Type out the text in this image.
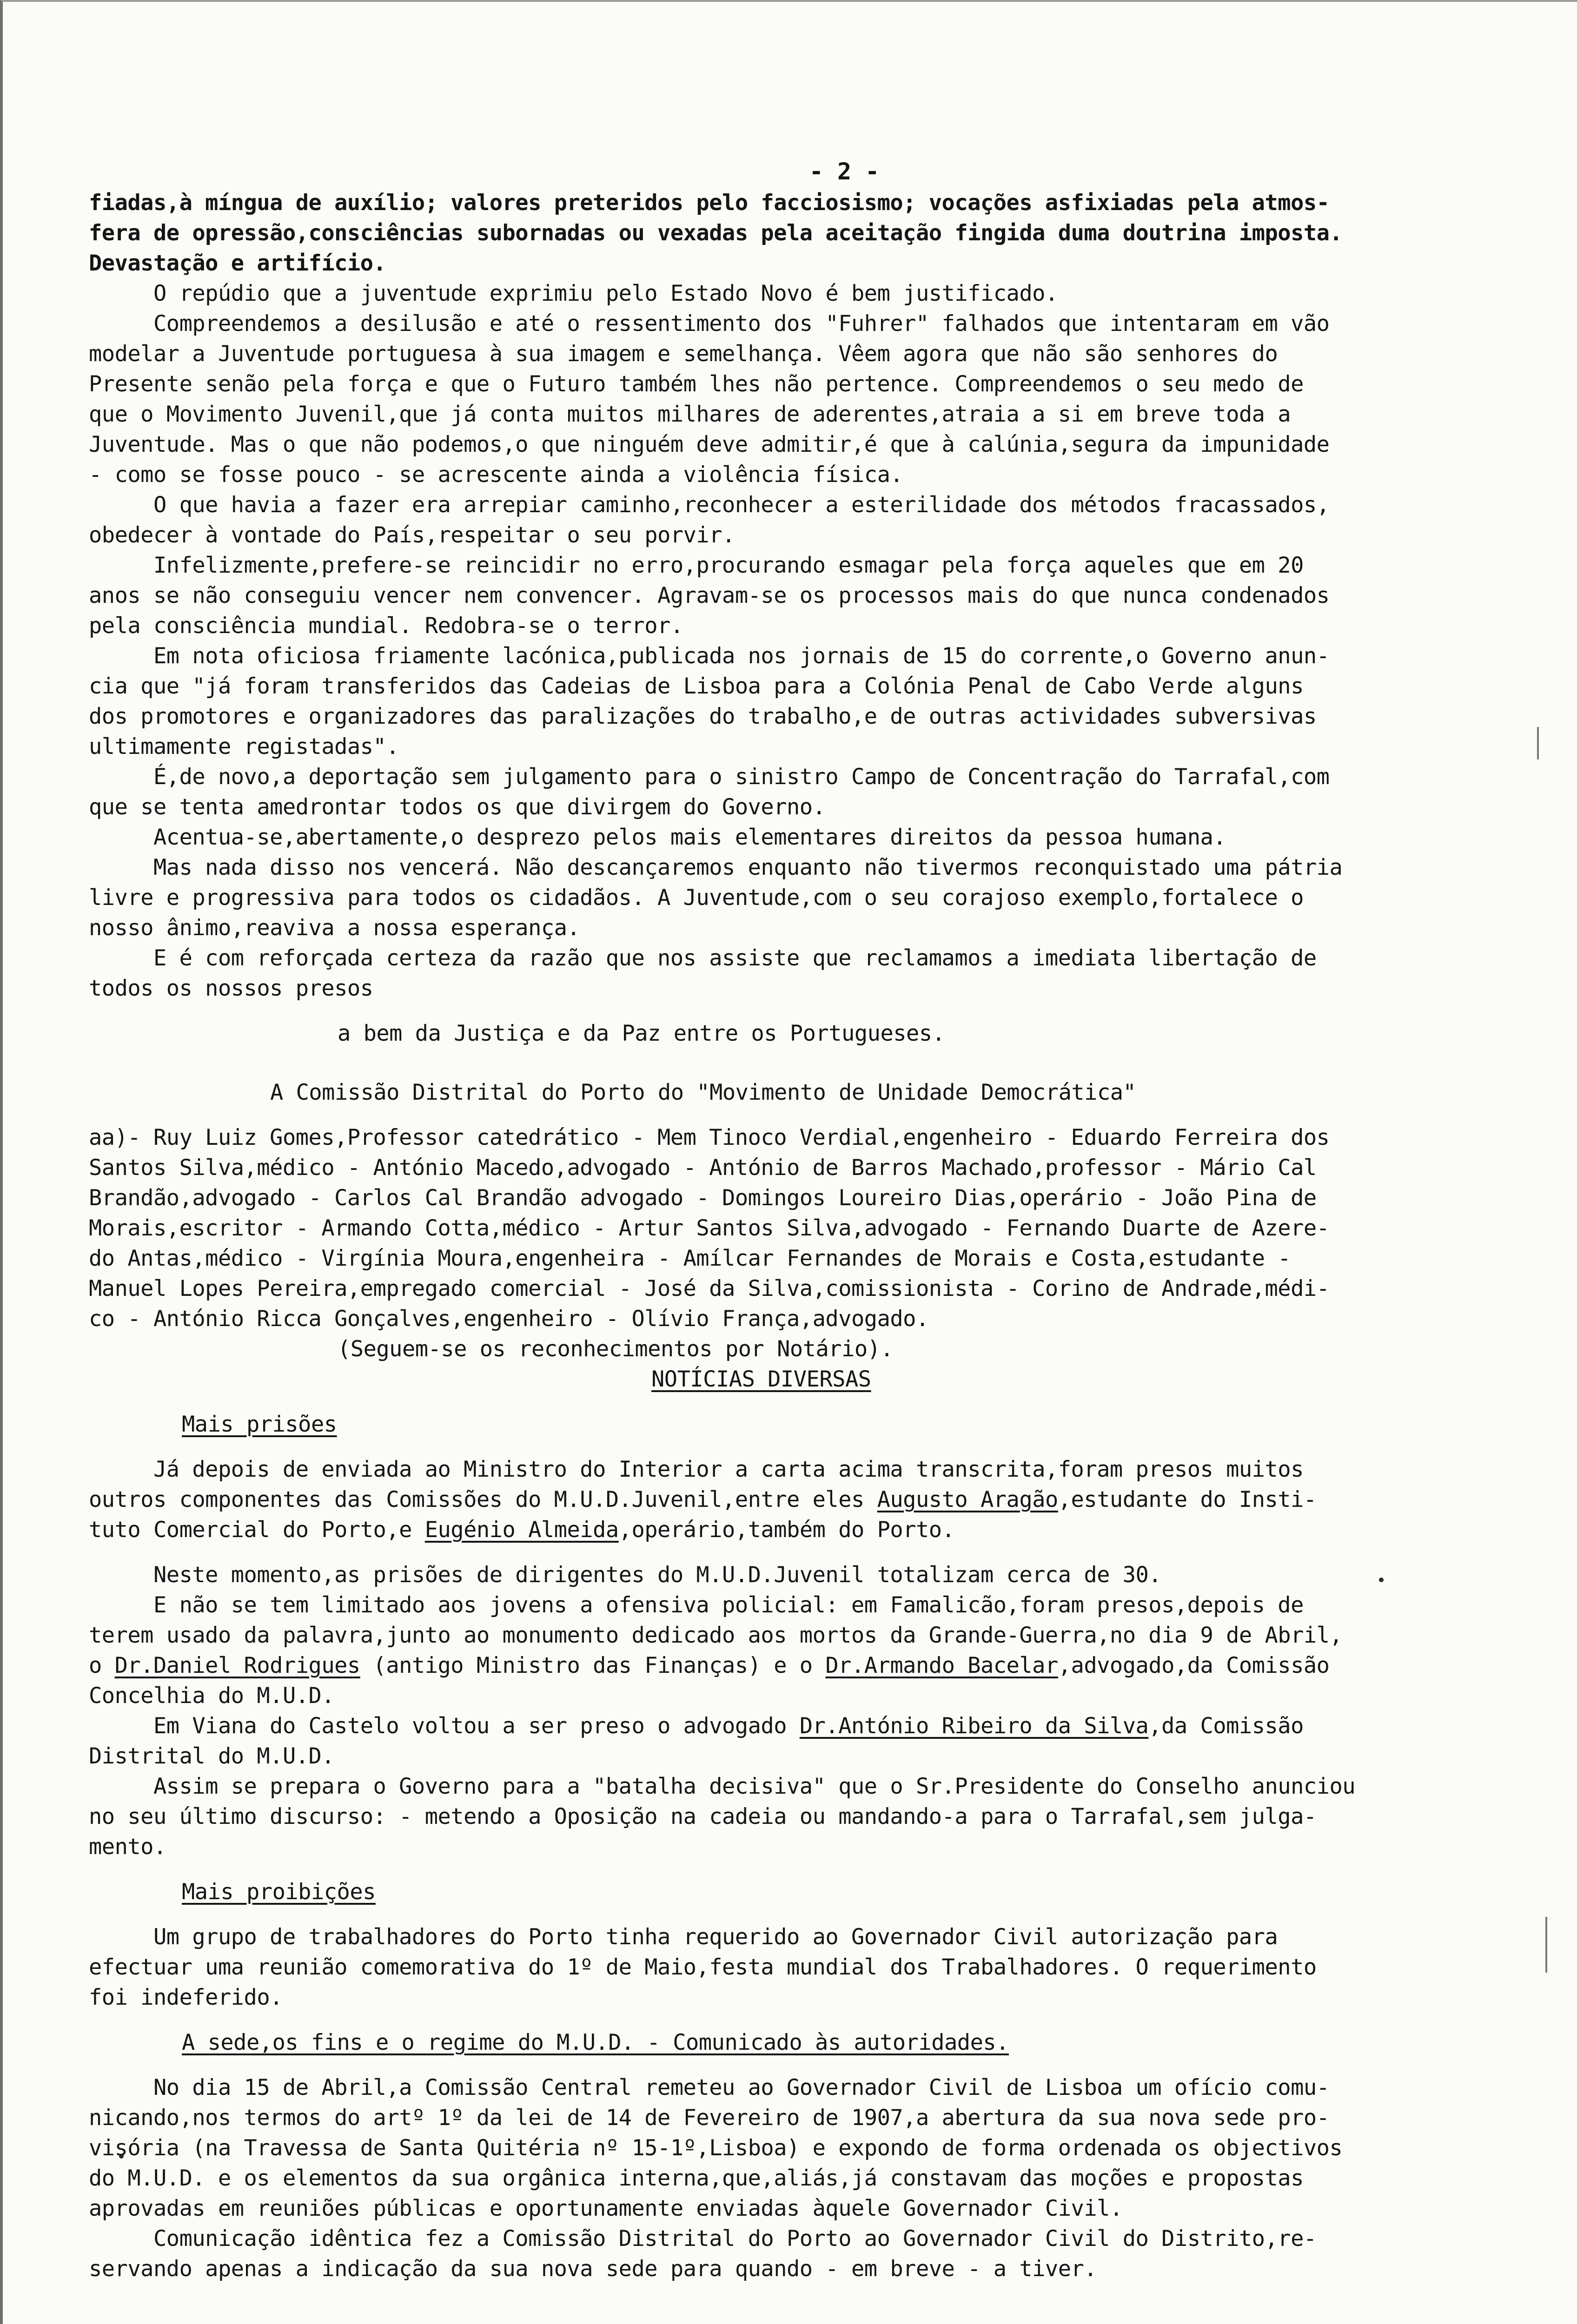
- 2 -
fiadas,à míngua de auxílio; valores preteridos pelo facciosismo; vocações asfixiadas pela atmos-
fera de opressão,consciências subornadas ou vexadas pela aceitação fingida duma doutrina imposta.
Devastação e artifício.
O repúdio que a juventude exprimiu pelo Estado Novo é bem justificado.
Compreendemos a desilusão e até o ressentimento dos "Fuhrer" falhados que intentaram em vão
modelar a Juventude portuguesa à sua imagem e semelhança. Vêem agora que não são senhores do
Presente senão pela força e que o Futuro também lhes não pertence. Compreendemos o seu medo de
que o Movimento Juvenil,que já conta muitos milhares de aderentes,atraia a si em breve toda a
Juventude. Mas o que não podemos,o que ninguém deve admitir,é que à calúnia,segura da impunidade
- como se fosse pouco - se acrescente ainda a violência física.
O que havia a fazer era arrepiar caminho,reconhecer a esterilidade dos métodos fracassados,
obedecer à vontade do País,respeitar o seu porvir.
Infelizmente,prefere-se reincidir no erro,procurando esmagar pela força aqueles que em 20
anos se não conseguiu vencer nem convencer. Agravam-se os processos mais do que nunca condenados
pela consciência mundial. Redobra-se o terror.
Em nota oficiosa friamente lacónica,publicada nos jornais de 15 do corrente,o Governo anun-
cia que "já foram transferidos das Cadeias de Lisboa para a Colónia Penal de Cabo Verde alguns
dos promotores e organizadores das paralizações do trabalho,e de outras actividades subversivas
ultimamente registadas".
É,de novo,a deportação sem julgamento para o sinistro Campo de Concentração do Tarrafal,com
que se tenta amedrontar todos os que divirgem do Governo.
Acentua-se,abertamente,o desprezo pelos mais elementares direitos da pessoa humana.
Mas nada disso nos vencerá. Não descançaremos enquanto não tivermos reconquistado uma pátria
livre e progressiva para todos os cidadãos. A Juventude,com o seu corajoso exemplo,fortalece o
nosso ânimo,reaviva a nossa esperança.
E é com reforçada certeza da razão que nos assiste que reclamamos a imediata libertação de
todos os nossos presos
a bem da Justiça e da Paz entre os Portugueses.
A Comissão Distrital do Porto do "Movimento de Unidade Democrática"
aa)- Ruy Luiz Gomes,Professor catedrático - Mem Tinoco Verdial,engenheiro - Eduardo Ferreira dos
Santos Silva,médico - António Macedo,advogado - António de Barros Machado,professor - Mário Cal
Brandão,advogado - Carlos Cal Brandão advogado - Domingos Loureiro Dias,operário - João Pina de
Morais,escritor - Armando Cotta,médico - Artur Santos Silva,advogado - Fernando Duarte de Azere-
do Antas,médico - Virgínia Moura,engenheira - Amílcar Fernandes de Morais e Costa,estudante -
Manuel Lopes Pereira,empregado comercial - José da Silva,comissionista - Corino de Andrade,médi-
co - António Ricca Gonçalves,engenheiro - Olívio França,advogado.
(Seguem-se os reconhecimentos por Notário).
NOTÍCIAS DIVERSAS
Mais prisões
Já depois de enviada ao Ministro do Interior a carta acima transcrita,foram presos muitos
outros componentes das Comissões do M.U.D.Juvenil,entre eles Augusto Aragão,estudante do Insti-
tuto Comercial do Porto,e Eugénio Almeida,operário,também do Porto.
Neste momento,as prisões de dirigentes do M.U.D.Juvenil totalizam cerca de 30.
E não se tem limitado aos jovens a ofensiva policial: em Famalicão,foram presos,depois de
terem usado da palavra,junto ao monumento dedicado aos mortos da Grande-Guerra,no dia 9 de Abril,
o Dr.Daniel Rodrigues (antigo Ministro das Finanças) e o Dr.Armando Bacelar,advogado,da Comissão
Concelhia do M.U.D.
Em Viana do Castelo voltou a ser preso o advogado Dr.António Ribeiro da Silva,da Comissão
Distrital do M.U.D.
Assim se prepara o Governo para a "batalha decisiva" que o Sr.Presidente do Conselho anunciou
no seu último discurso: - metendo a Oposição na cadeia ou mandando-a para o Tarrafal,sem julga-
mento.
Mais proibições
Um grupo de trabalhadores do Porto tinha requerido ao Governador Civil autorização para
efectuar uma reunião comemorativa do 1º de Maio,festa mundial dos Trabalhadores. O requerimento
foi indeferido.
A sede,os fins e o regime do M.U.D. - Comunicado às autoridades.
No dia 15 de Abril,a Comissão Central remeteu ao Governador Civil de Lisboa um ofício comu-
nicando,nos termos do artº 1º da lei de 14 de Fevereiro de 1907,a abertura da sua nova sede pro-
visória (na Travessa de Santa Quitéria nº 15-1º,Lisboa) e expondo de forma ordenada os objectivos
do M.U.D. e os elementos da sua orgânica interna,que,aliás,já constavam das moções e propostas
aprovadas em reuniões públicas e oportunamente enviadas àquele Governador Civil.
Comunicação idêntica fez a Comissão Distrital do Porto ao Governador Civil do Distrito,re-
servando apenas a indicação da sua nova sede para quando - em breve - a tiver.
